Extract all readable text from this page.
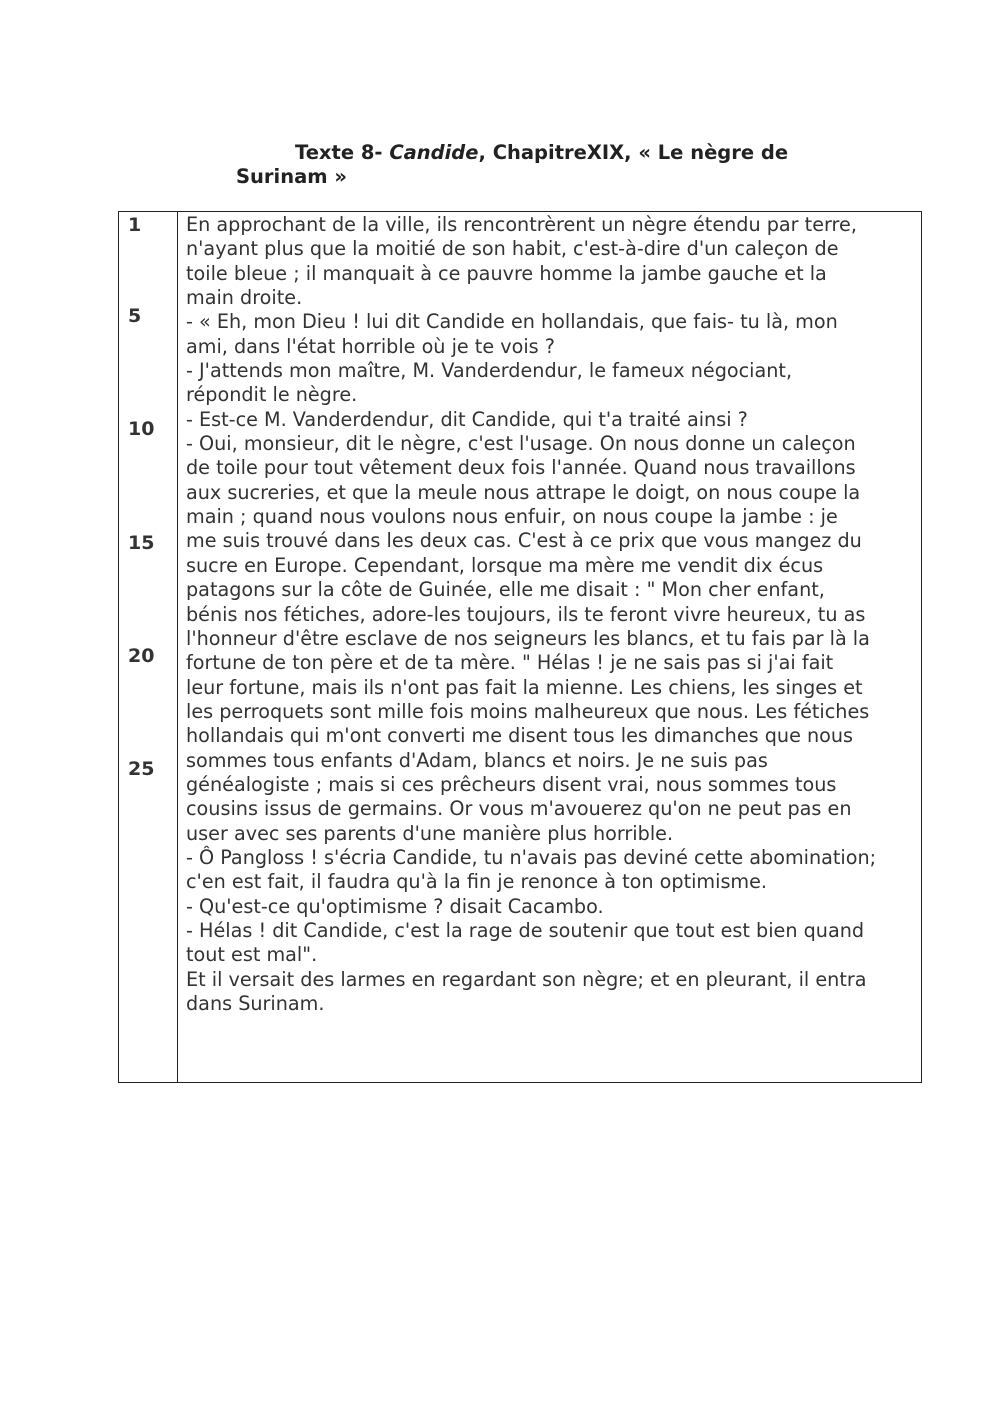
Texte 8- Candide, ChapitreXIX, « Le nègre de
Surinam »
1
5
10
15
20
25

En approchant de la ville, ils rencontrèrent un nègre étendu par terre,

n'ayant plus que la moitié de son habit, c'est-à-dire d'un caleçon de

toile bleue ; il manquait à ce pauvre homme la jambe gauche et la

main droite.

- « Eh, mon Dieu ! lui dit Candide en hollandais, que fais- tu là, mon

ami, dans l'état horrible où je te vois ?

- J'attends mon maître, M. Vanderdendur, le fameux négociant,

répondit le nègre.

- Est-ce M. Vanderdendur, dit Candide, qui t'a traité ainsi ?

- Oui, monsieur, dit le nègre, c'est l'usage. On nous donne un caleçon

de toile pour tout vêtement deux fois l'année. Quand nous travaillons

aux sucreries, et que la meule nous attrape le doigt, on nous coupe la

main ; quand nous voulons nous enfuir, on nous coupe la jambe : je

me suis trouvé dans les deux cas. C'est à ce prix que vous mangez du

sucre en Europe. Cependant, lorsque ma mère me vendit dix écus

patagons sur la côte de Guinée, elle me disait : " Mon cher enfant,

bénis nos fétiches, adore-les toujours, ils te feront vivre heureux, tu as

l'honneur d'être esclave de nos seigneurs les blancs, et tu fais par là la

fortune de ton père et de ta mère. " Hélas ! je ne sais pas si j'ai fait

leur fortune, mais ils n'ont pas fait la mienne. Les chiens, les singes et

les perroquets sont mille fois moins malheureux que nous. Les fétiches

hollandais qui m'ont converti me disent tous les dimanches que nous

sommes tous enfants d'Adam, blancs et noirs. Je ne suis pas

généalogiste ; mais si ces prêcheurs disent vrai, nous sommes tous

cousins issus de germains. Or vous m'avouerez qu'on ne peut pas en

user avec ses parents d'une manière plus horrible.

- Ô Pangloss ! s'écria Candide, tu n'avais pas deviné cette abomination;

c'en est fait, il faudra qu'à la fin je renonce à ton optimisme.

- Qu'est-ce qu'optimisme ? disait Cacambo.

- Hélas ! dit Candide, c'est la rage de soutenir que tout est bien quand

tout est mal".

Et il versait des larmes en regardant son nègre; et en pleurant, il entra

dans Surinam.
